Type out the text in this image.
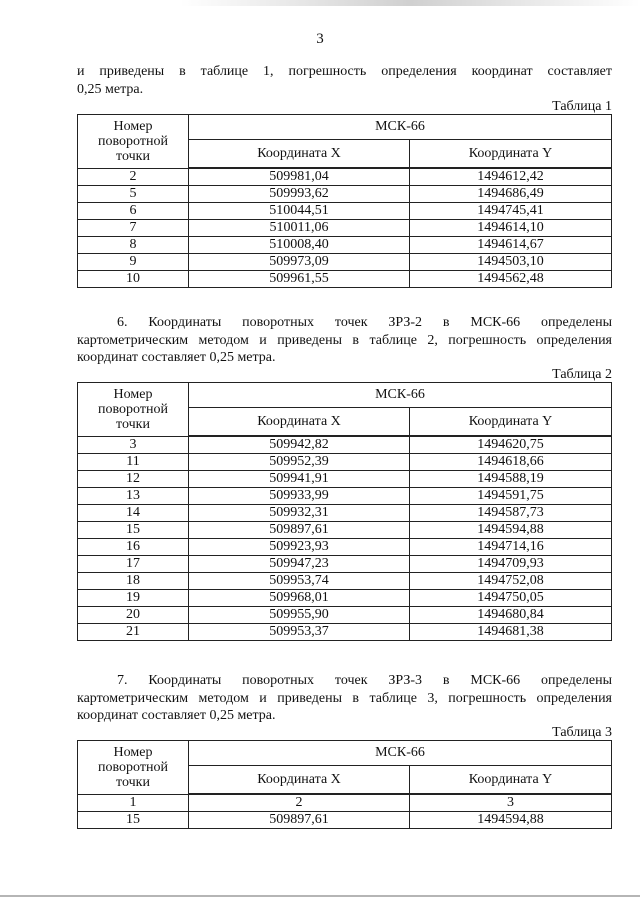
3

и приведены в таблице 1, погрешность определения координат составляет
0,25 метра.

Таблица 1
Номер
поворотной
точки	МСК-66	
	Координата X	Координата Y
2	509981,04	1494612,42
5	509993,62	1494686,49
6	510044,51	1494745,41
7	510011,06	1494614,10
8	510008,40	1494614,67
9	509973,09	1494503,10
10	509961,55	1494562,48

6. Координаты поворотных точек ЗРЗ-2 в МСК-66 определены
картометрическим методом и приведены в таблице 2, погрешность определения
координат составляет 0,25 метра.

Таблица 2
Номер
поворотной
точки	МСК-66	
	Координата X	Координата Y
3	509942,82	1494620,75
11	509952,39	1494618,66
12	509941,91	1494588,19
13	509933,99	1494591,75
14	509932,31	1494587,73
15	509897,61	1494594,88
16	509923,93	1494714,16
17	509947,23	1494709,93
18	509953,74	1494752,08
19	509968,01	1494750,05
20	509955,90	1494680,84
21	509953,37	1494681,38

7. Координаты поворотных точек ЗРЗ-3 в МСК-66 определены
картометрическим методом и приведены в таблице 3, погрешность определения
координат составляет 0,25 метра.

Таблица 3
Номер
поворотной
точки	МСК-66	
	Координата X	Координата Y
1	2	3
15	509897,61	1494594,88
